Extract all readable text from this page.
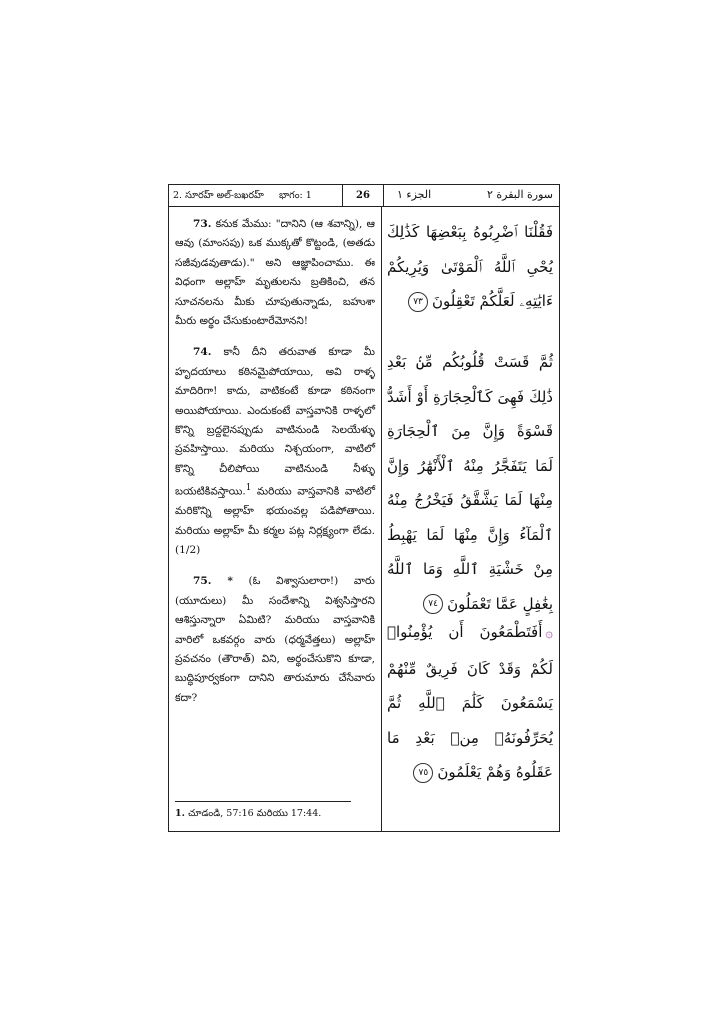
2. సూరహ్ అల్-బఖరహ్ భాగం: 1	26	الجزء ١	سورة البقرة ٢

73. కనుక మేము: "దానిని (ఆ శవాన్ని), ఆ ఆవు (మాంసపు) ఒక ముక్కతో కొట్టండి, (అతడు సజీవుడవుతాడు)." అని ఆజ్ఞాపించాము. ఈ విధంగా అల్లాహ్ మృతులను బ్రతికించి, తన సూచనలను మీకు చూపుతున్నాడు, బహుశా మీరు అర్థం చేసుకుంటారేమోనని!

74. కానీ దీని తరువాత కూడా మీ హృదయాలు కఠినమైపోయాయి, అవి రాళ్ళ మాదిరిగా! కాదు, వాటికంటే కూడా కఠినంగా అయిపోయాయి. ఎందుకంటే వాస్తవానికి రాళ్ళలో కొన్ని బ్రద్దలైనప్పుడు వాటినుండి సెలయేళ్ళు ప్రవహిస్తాయి. మరియు నిశ్చయంగా, వాటిలో కొన్ని చీలిపోయి వాటినుండి నీళ్ళు బయటికివస్తాయి.$^1$ మరియు వాస్తవానికి వాటిలో మరికొన్ని అల్లాహ్ భయంవల్ల పడిపోతాయి. మరియు అల్లాహ్ మీ కర్మల పట్ల నిర్లక్ష్యంగా లేడు. (1/2)

75. * (ఓ విశ్వాసులారా!) వారు (యూదులు) మీ సందేశాన్ని విశ్వసిస్తారని ఆశిస్తున్నారా ఏమిటి? మరియు వాస్తవానికి వారిలో ఒకవర్గం వారు (ధర్మవేత్తలు) అల్లాహ్ ప్రవచనం (తౌరాత్) విని, అర్థంచేసుకొని కూడా, బుద్ధిపూర్వకంగా దానిని తారుమారు చేసేవారు కదా?

1. చూడండి, 57:16 మరియు 17:44.

فَقُلْنَا ٱضْرِبُوهُ بِبَعْضِهَا كَذَٰلِكَ يُحْىِ ٱللَّهُ ٱلْمَوْتَىٰ وَيُرِيكُمْ ءَايَٰتِهِۦ لَعَلَّكُمْ تَعْقِلُونَ٧٣

ثُمَّ قَسَتْ قُلُوبُكُم مِّنۢ بَعْدِ ذَٰلِكَ فَهِىَ كَٱلْحِجَارَةِ أَوْ أَشَدُّ قَسْوَةً وَإِنَّ مِنَ ٱلْحِجَارَةِ لَمَا يَتَفَجَّرُ مِنْهُ ٱلْأَنْهَٰرُ وَإِنَّ مِنْهَا لَمَا يَشَّقَّقُ فَيَخْرُجُ مِنْهُ ٱلْمَآءُ وَإِنَّ مِنْهَا لَمَا يَهْبِطُ مِنْ خَشْيَةِ ٱللَّهِ وَمَا ٱللَّهُ بِغَٰفِلٍ عَمَّا تَعْمَلُونَ٧٤

۞أَفَتَطْمَعُونَ أَن يُؤْمِنُوا۟ لَكُمْ وَقَدْ كَانَ فَرِيقٌ مِّنْهُمْ يَسْمَعُونَ كَلَٰمَ ٱللَّهِ ثُمَّ يُحَرِّفُونَهُۥ مِنۢ بَعْدِ مَا عَقَلُوهُ وَهُمْ يَعْلَمُونَ٧٥
